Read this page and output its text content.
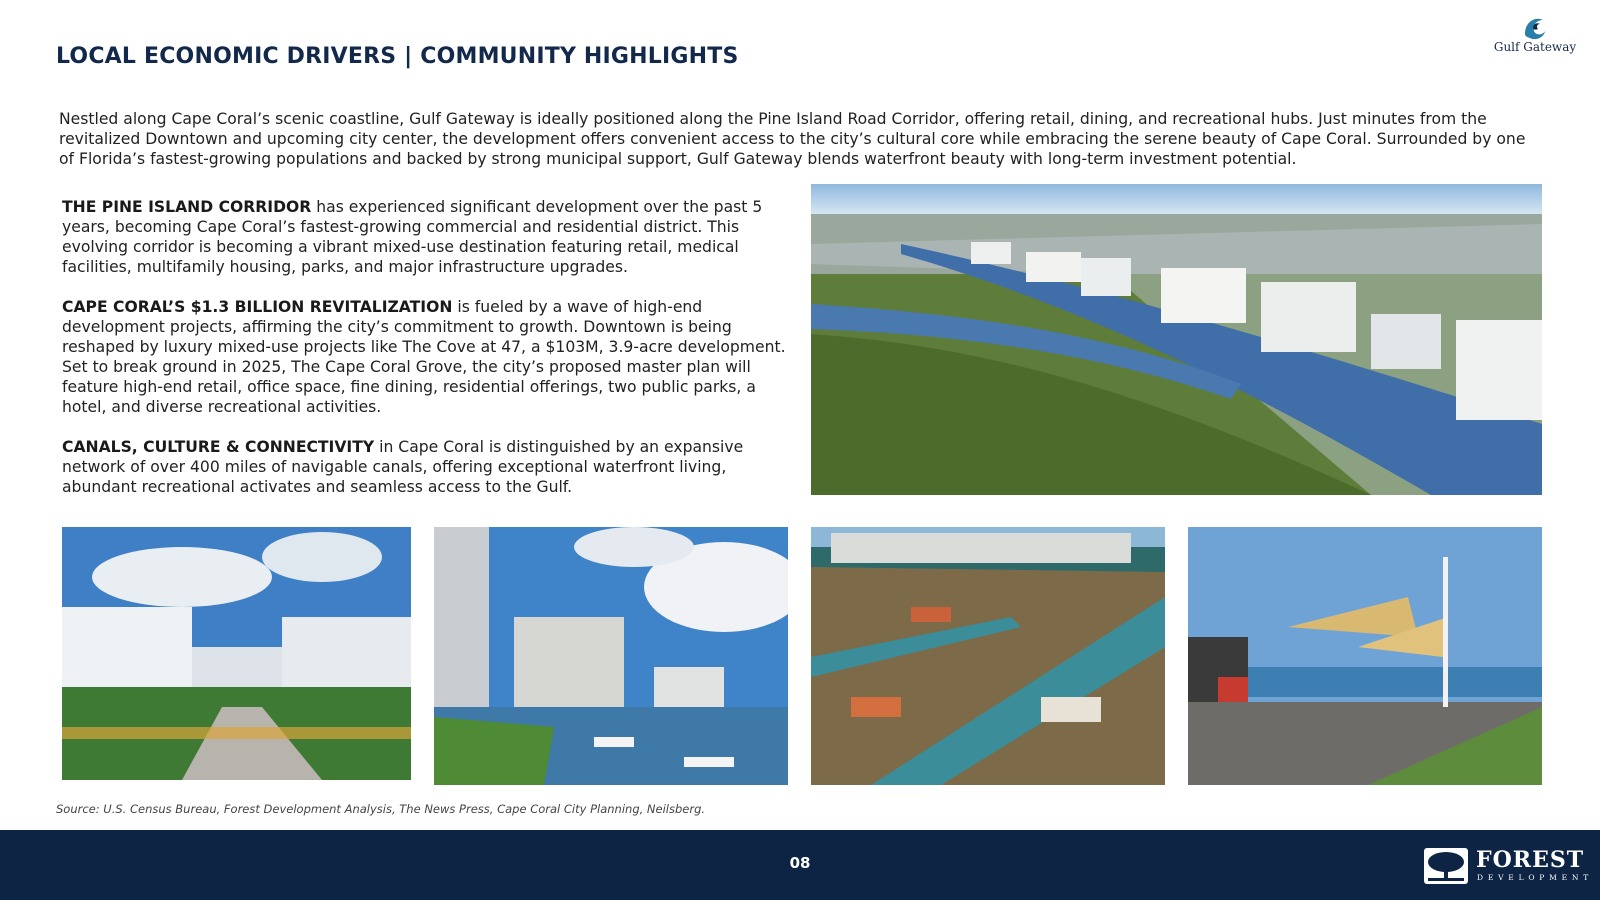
LOCAL ECONOMIC DRIVERS | COMMUNITY HIGHLIGHTS	Gulf Gateway

Nestled along Cape Coral’s scenic coastline, Gulf Gateway is ideally positioned along the Pine Island Road Corridor, offering retail, dining, and recreational hubs. Just minutes from the revitalized Downtown and upcoming city center, the development offers convenient access to the city’s cultural core while embracing the serene beauty of Cape Coral. Surrounded by one of Florida’s fastest-growing populations and backed by strong municipal support, Gulf Gateway blends waterfront beauty with long-term investment potential.

THE PINE ISLAND CORRIDOR has experienced significant development over the past 5 years, becoming Cape Coral’s fastest-growing commercial and residential district. This evolving corridor is becoming a vibrant mixed-use destination featuring retail, medical facilities, multifamily housing, parks, and major infrastructure upgrades.

CAPE CORAL’S $1.3 BILLION REVITALIZATION is fueled by a wave of high-end development projects, affirming the city’s commitment to growth. Downtown is being reshaped by luxury mixed-use projects like The Cove at 47, a $103M, 3.9-acre development. Set to break ground in 2025, The Cape Coral Grove, the city’s proposed master plan will feature high-end retail, office space, fine dining, residential offerings, two public parks, a hotel, and diverse recreational activities.

CANALS, CULTURE & CONNECTIVITY in Cape Coral is distinguished by an expansive network of over 400 miles of navigable canals, offering exceptional waterfront living, abundant recreational activates and seamless access to the Gulf.

Source: U.S. Census Bureau, Forest Development Analysis, The News Press, Cape Coral City Planning, Neilsberg.

08	FOREST
DEVELOPMENT
